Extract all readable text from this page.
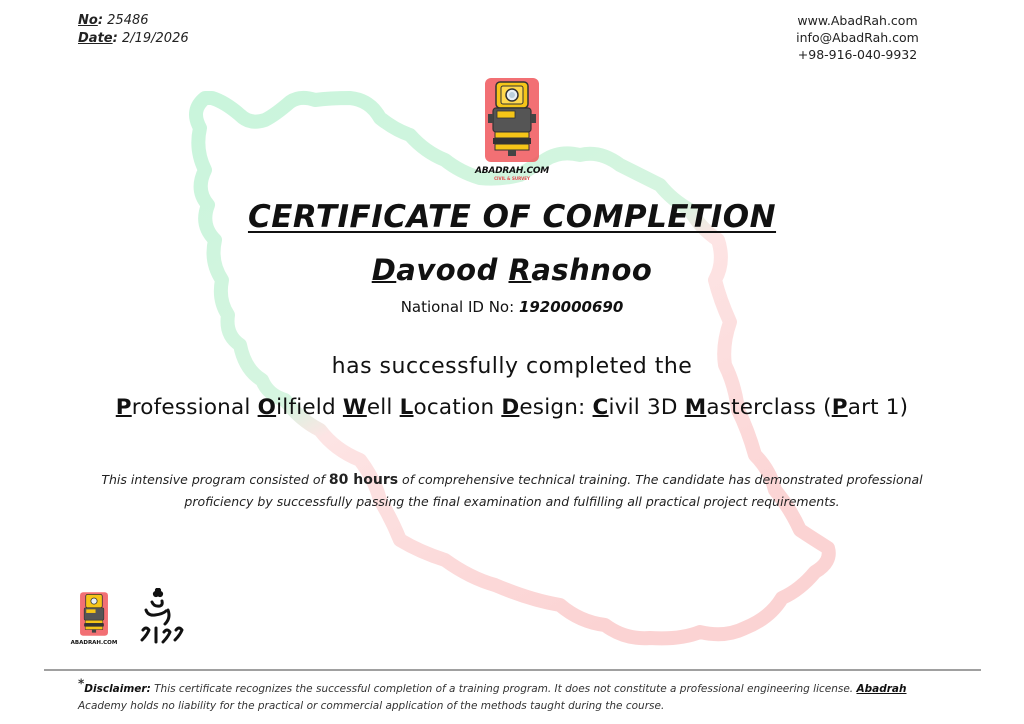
No: 25486
Date: 2/19/2026
www.AbadRah.com
info@AbadRah.com
+98-916-040-9932
ABADRAH.COM
CIVIL & SURVEY
CERTIFICATE OF COMPLETION
Davood Rashnoo
National ID No: 1920000690
has successfully completed the
Professional Oilfield Well Location Design: Civil 3D Masterclass (Part 1)
This intensive program consisted of 80 hours of comprehensive technical training. The candidate has demonstrated professional proficiency by successfully passing the final examination and fulfilling all practical project requirements.
ABADRAH.COM
*Disclaimer: This certificate recognizes the successful completion of a training program. It does not constitute a professional engineering license. Abadrah Academy holds no liability for the practical or commercial application of the methods taught during the course.
